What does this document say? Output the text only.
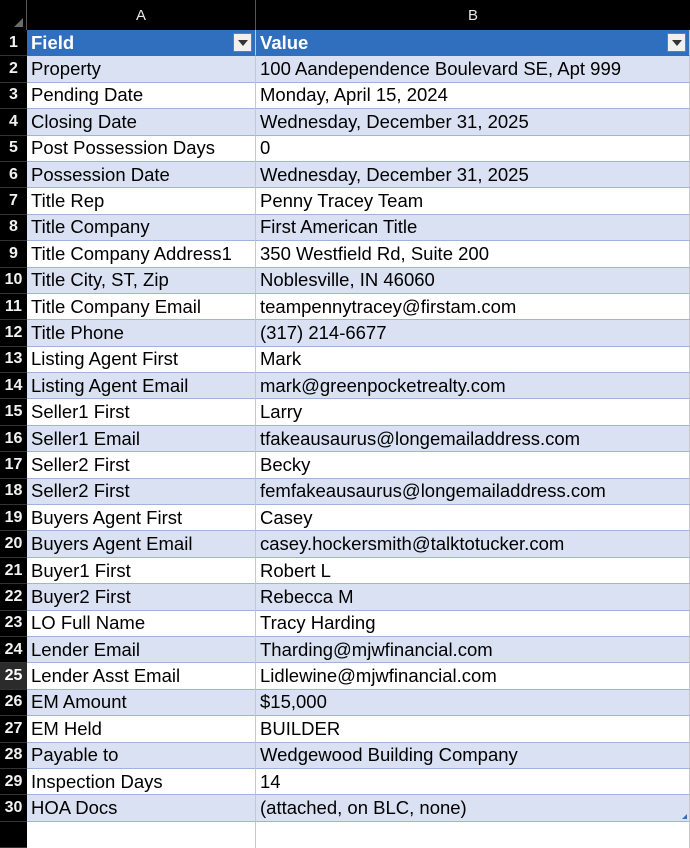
A	B
1 Field	Value
2 Property	100 Aandependence Boulevard SE, Apt 999
3 Pending Date	Monday, April 15, 2024
4 Closing Date	Wednesday, December 31, 2025
5 Post Possession Days	0
6 Possession Date	Wednesday, December 31, 2025
7 Title Rep	Penny Tracey Team
8 Title Company	First American Title
9 Title Company Address1	350 Westfield Rd, Suite 200
10 Title City, ST, Zip	Noblesville, IN 46060
11 Title Company Email	teampennytracey@firstam.com
12 Title Phone	(317) 214-6677
13 Listing Agent First	Mark
14 Listing Agent Email	mark@greenpocketrealty.com
15 Seller1 First	Larry
16 Seller1 Email	tfakeausaurus@longemailaddress.com
17 Seller2 First	Becky
18 Seller2 First	femfakeausaurus@longemailaddress.com
19 Buyers Agent First	Casey
20 Buyers Agent Email	casey.hockersmith@talktotucker.com
21 Buyer1 First	Robert L
22 Buyer2 First	Rebecca M
23 LO Full Name	Tracy Harding
24 Lender Email	Tharding@mjwfinancial.com
25 Lender Asst Email	Lidlewine@mjwfinancial.com
26 EM Amount	$15,000
27 EM Held	BUILDER
28 Payable to	Wedgewood Building Company
29 Inspection Days	14
30 HOA Docs	(attached, on BLC, none)
